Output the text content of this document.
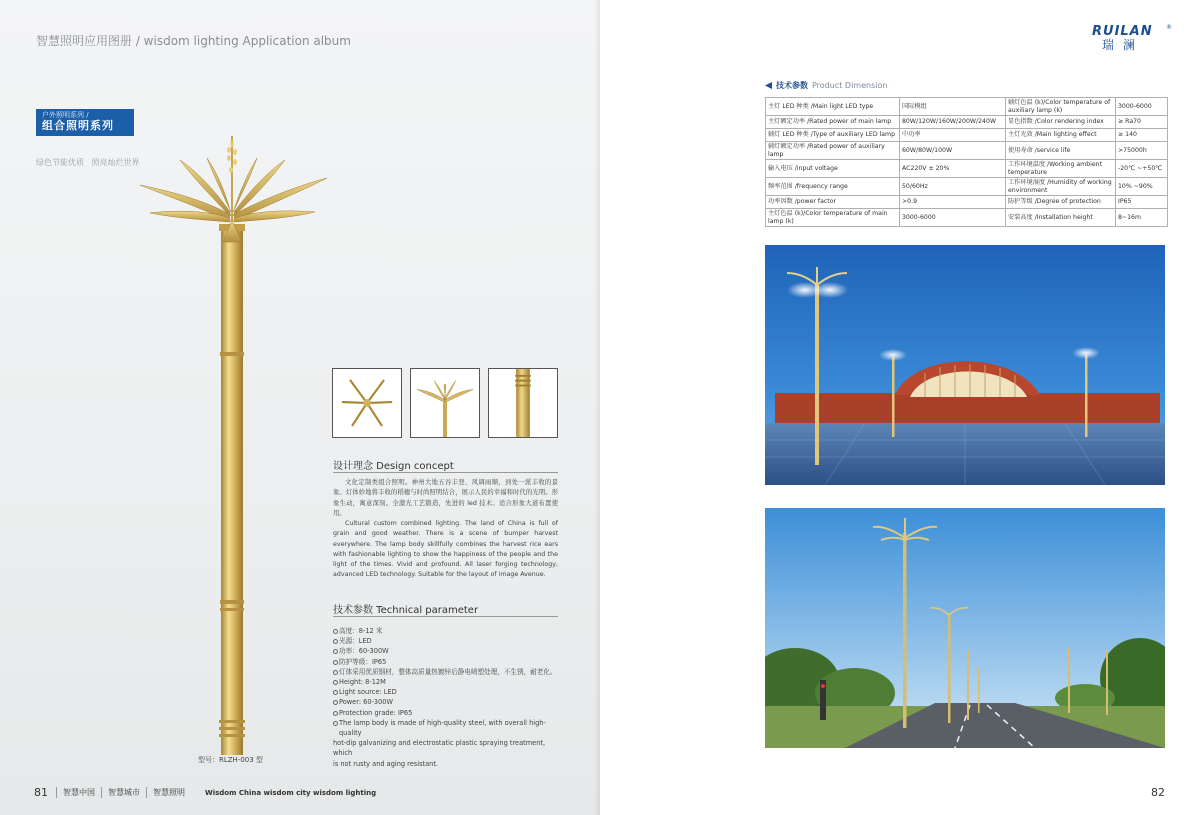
智慧照明应用图册 / wisdom lighting Application album
户外照明系列 /
组合照明系列
绿色节能优质 照亮灿烂世界
型号：RLZH-003 型
设计理念 Design concept
文化定制类组合照明。神州大地五谷丰登、风调雨顺，到处一派丰收的景象。灯体妙地将丰收的稻穗与时尚照明结合，展示人民的幸福和时代的光明。形象生动，寓意深刻。全激光工艺锻造，先进的 led 技术。适合形象大道布置使用。
Cultural custom combined lighting. The land of China is full of grain and good weather. There is a scene of bumper harvest everywhere. The lamp body skillfully combines the harvest rice ears with fashionable lighting to show the happiness of the people and the light of the times. Vivid and profound. All laser forging technology, advanced LED technology. Suitable for the layout of image Avenue.
技术参数 Technical parameter
高度：8-12 米
光源：LED
功率：60-300W
防护等级：IP65
灯体采用优质钢材，整体高质量热镀锌后静电喷塑处理，不生锈，耐老化。
Height: 8-12M
Light source: LED
Power: 60-300W
Protection grade: IP65
The lamp body is made of high-quality steel, with overall high-quality
hot-dip galvanizing and electrostatic plastic spraying treatment, which
is not rusty and aging resistant.
81	智慧中国	智慧城市	智慧照明	Wisdom China wisdom city wisdom lighting
RUILAN
瑞澜
®
技术参数 Product Dimension
主灯 LED 种类 /Main light LED type	国际模组	辅灯色温 (k)/Color temperature of auxiliary lamp (k)	3000-6000
主灯额定功率 /Rated power of main lamp	80W/120W/160W/200W/240W	显色指数 /Color rendering index	≥ Ra70
辅灯 LED 种类 /Type of auxiliary LED lamp	中功率	主灯光效 /Main lighting effect	≥ 140
辅灯额定功率 /Rated power of auxiliary lamp	60W/80W/100W	使用寿命 /service life	>75000h
输入电压 /input voltage	AC220V ± 20%	工作环境温度 /Working ambient temperature	-20℃ ~+50℃
频率范围 /frequency range	50/60Hz	工作环境湿度 /Humidity of working environment	10% ~90%
功率因数 /power factor	>0.9	防护等级 /Degree of protection	IP65
主灯色温 (k)/Color temperature of main lamp (k)	3000-6000	安装高度 /Installation height	8~16m
82
